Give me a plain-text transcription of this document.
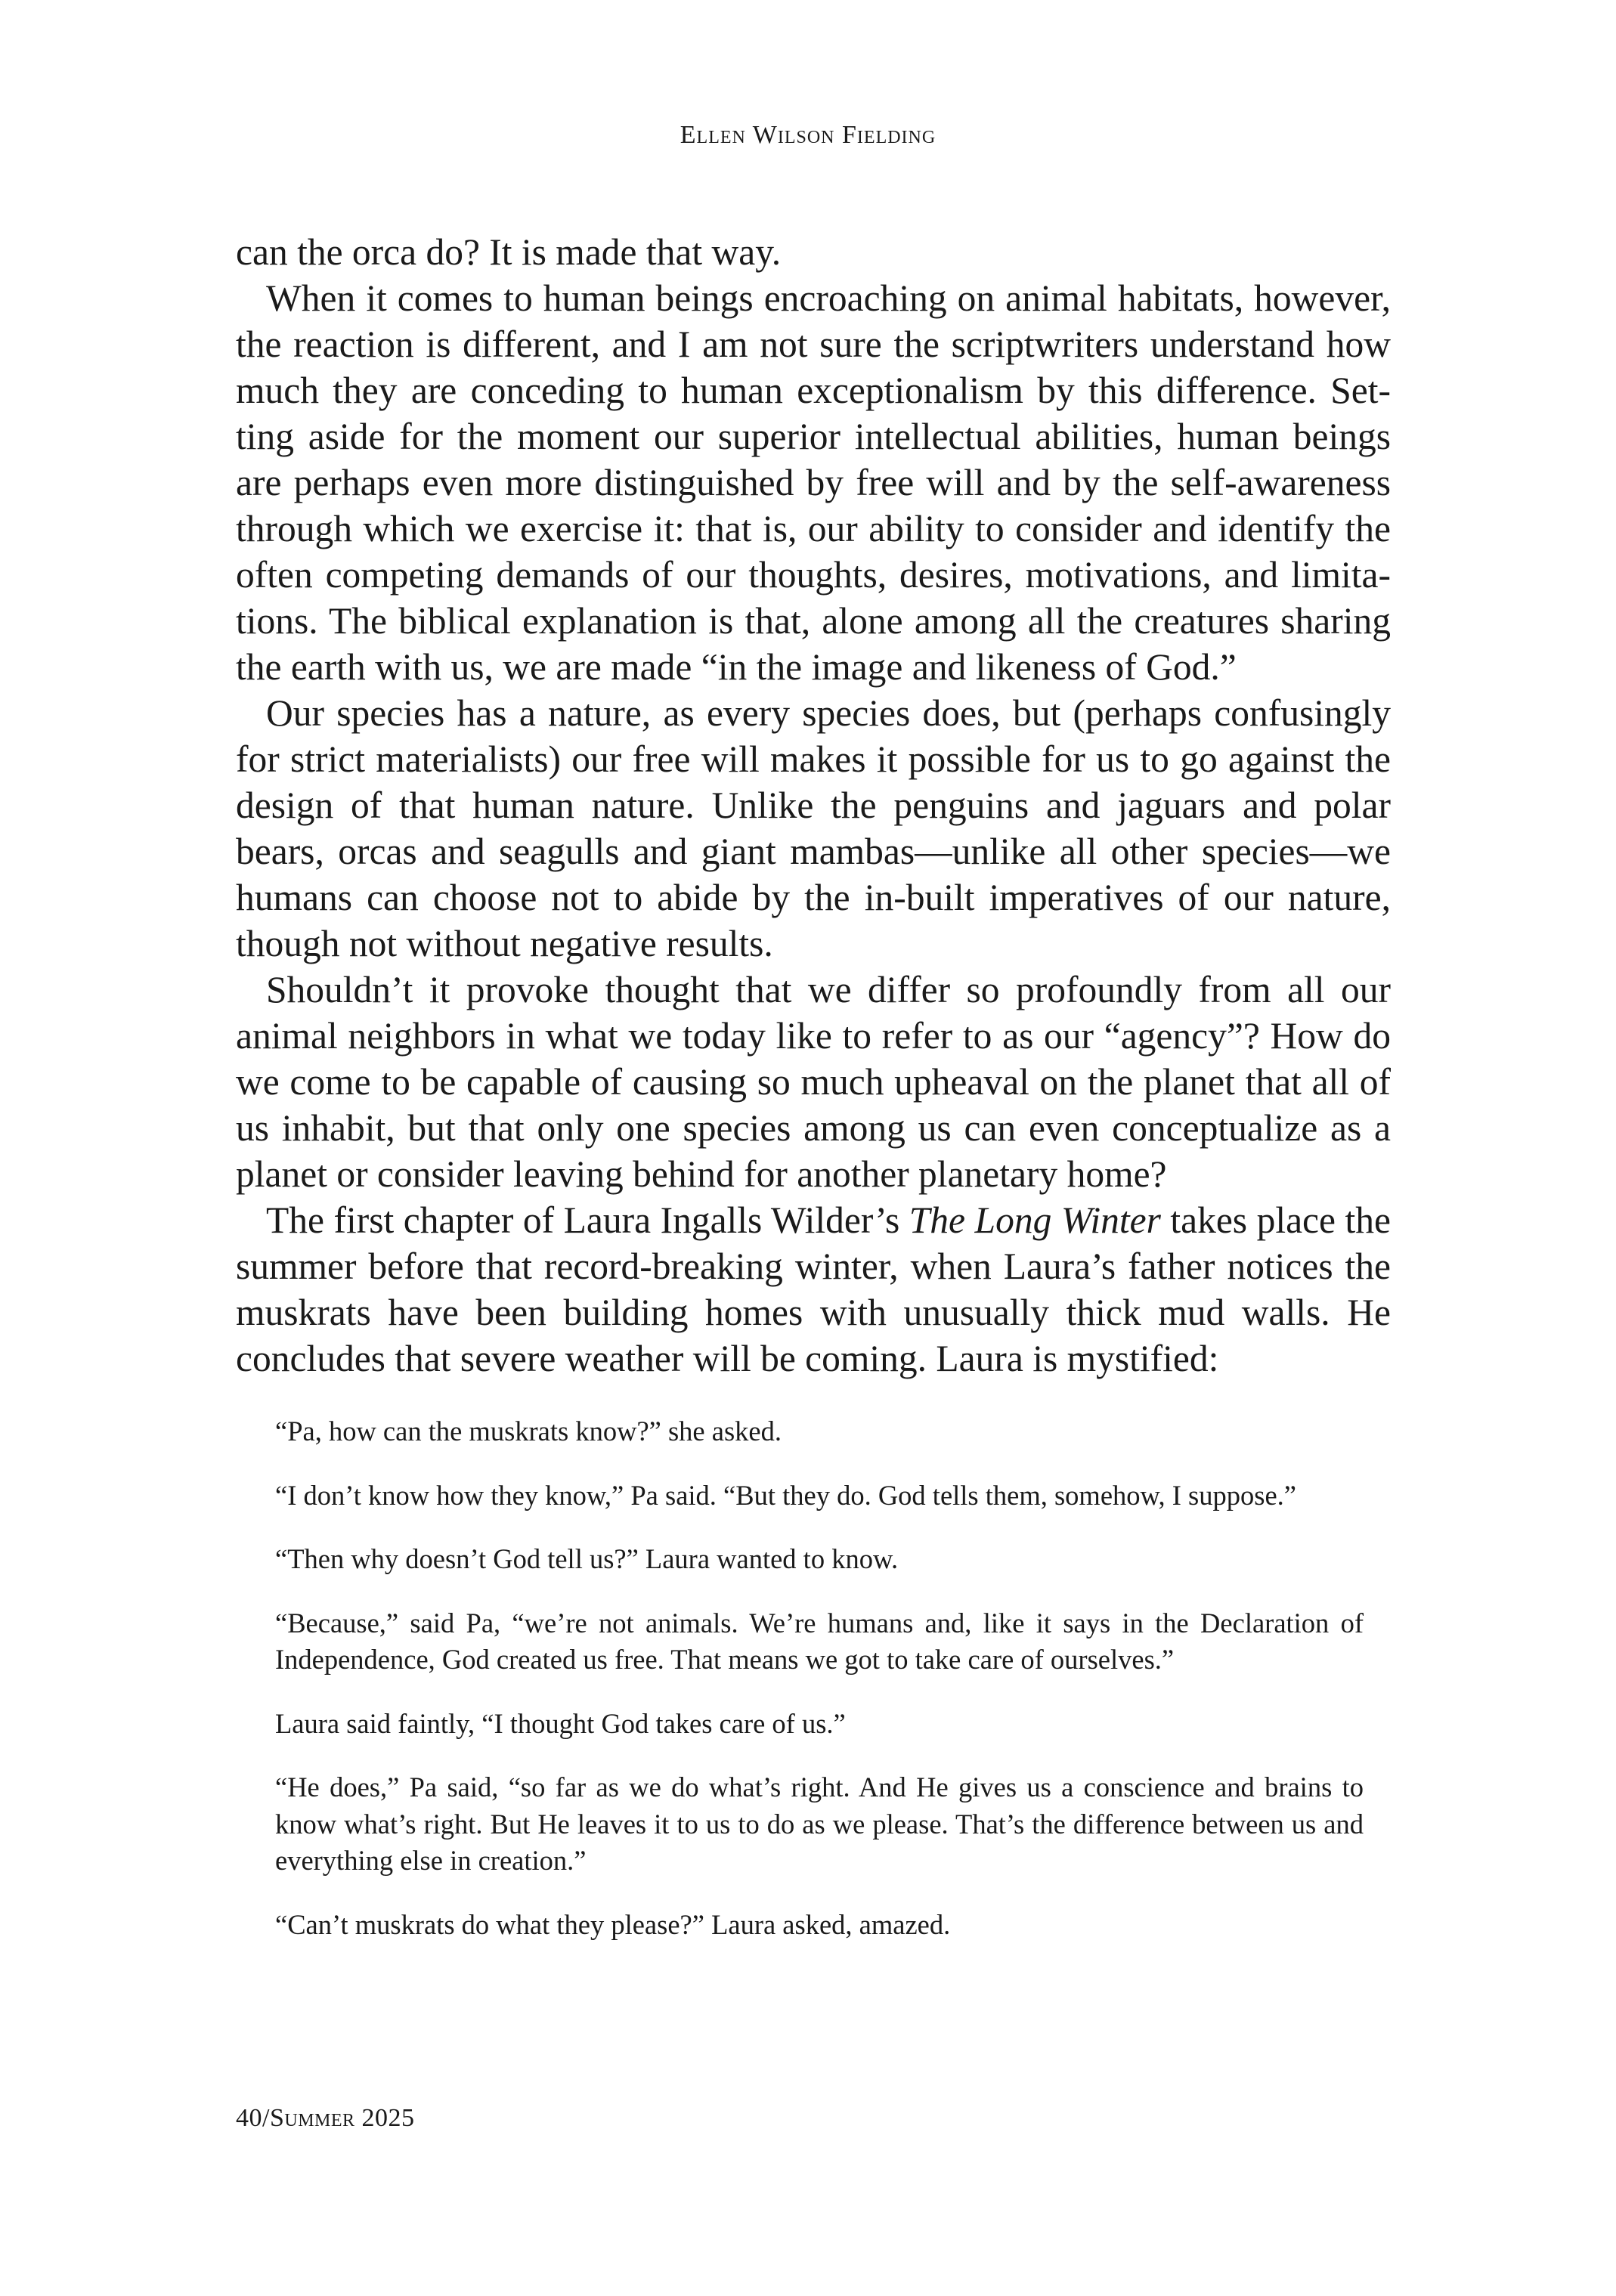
Ellen Wilson Fielding

can the orca do? It is made that way.

When it comes to human beings encroaching on animal habitats, however, the reaction is different, and I am not sure the scriptwriters understand how much they are conceding to human exceptionalism by this difference. Setting aside for the moment our superior intellectual abilities, human beings are perhaps even more distinguished by free will and by the self-awareness through which we exercise it: that is, our ability to consider and identify the often competing demands of our thoughts, desires, motivations, and limitations. The biblical explanation is that, alone among all the creatures sharing the earth with us, we are made “in the image and likeness of God.”

Our species has a nature, as every species does, but (perhaps confusingly for strict materialists) our free will makes it possible for us to go against the design of that human nature. Unlike the penguins and jaguars and polar bears, orcas and seagulls and giant mambas—unlike all other species—we humans can choose not to abide by the in-built imperatives of our nature, though not without negative results.

Shouldn’t it provoke thought that we differ so profoundly from all our animal neighbors in what we today like to refer to as our “agency”? How do we come to be capable of causing so much upheaval on the planet that all of us inhabit, but that only one species among us can even conceptualize as a planet or consider leaving behind for another planetary home?

The first chapter of Laura Ingalls Wilder’s The Long Winter takes place the summer before that record-breaking winter, when Laura’s father notices the muskrats have been building homes with unusually thick mud walls. He concludes that severe weather will be coming. Laura is mystified:

“Pa, how can the muskrats know?” she asked.

“I don’t know how they know,” Pa said. “But they do. God tells them, somehow, I suppose.”

“Then why doesn’t God tell us?” Laura wanted to know.

“Because,” said Pa, “we’re not animals. We’re humans and, like it says in the Declaration of Independence, God created us free. That means we got to take care of ourselves.”

Laura said faintly, “I thought God takes care of us.”

“He does,” Pa said, “so far as we do what’s right. And He gives us a conscience and brains to know what’s right. But He leaves it to us to do as we please. That’s the difference between us and everything else in creation.”

“Can’t muskrats do what they please?” Laura asked, amazed.

40/Summer 2025
